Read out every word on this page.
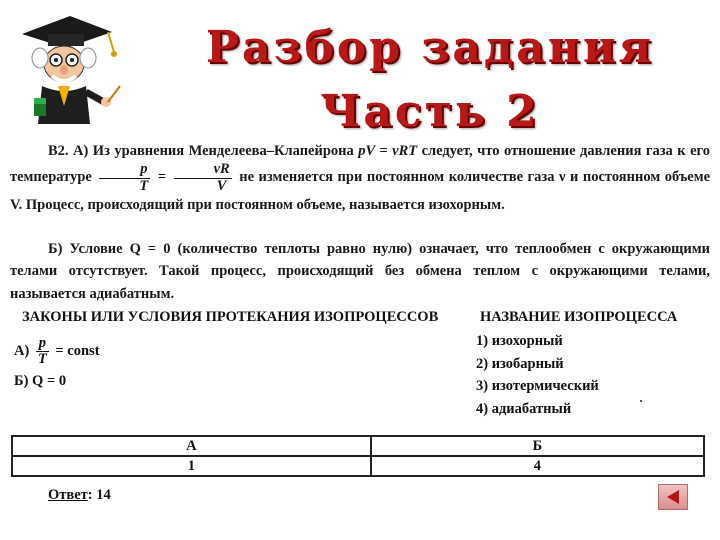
Разбор задания
Часть 2
В2. А) Из уравнения Менделеева–Клапейрона pV = νRT следует, что отношение давления газа к его температуре $\frac{p}{T} = \frac{\nu R}{V}$ не изменяется при постоянном количестве газа ν и постоянном объеме V. Процесс, происходящий при постоянном объеме, называется изохорным.
Б) Условие Q = 0 (количество теплоты равно нулю) означает, что теплообмен с окружающими телами отсутствует. Такой процесс, происходящий без обмена теплом с окружающими телами, называется адиабатным.
ЗАКОНЫ ИЛИ УСЛОВИЯ ПРОТЕКАНИЯ ИЗОПРОЦЕССОВ	НАЗВАНИЕ ИЗОПРОЦЕССА
$А) \frac{p}{T}$ = const
Б) Q = 0
1) изохорный
2) изобарный
3) изотермический
4) адиабатный
А	Б
1	4
Ответ: 14
